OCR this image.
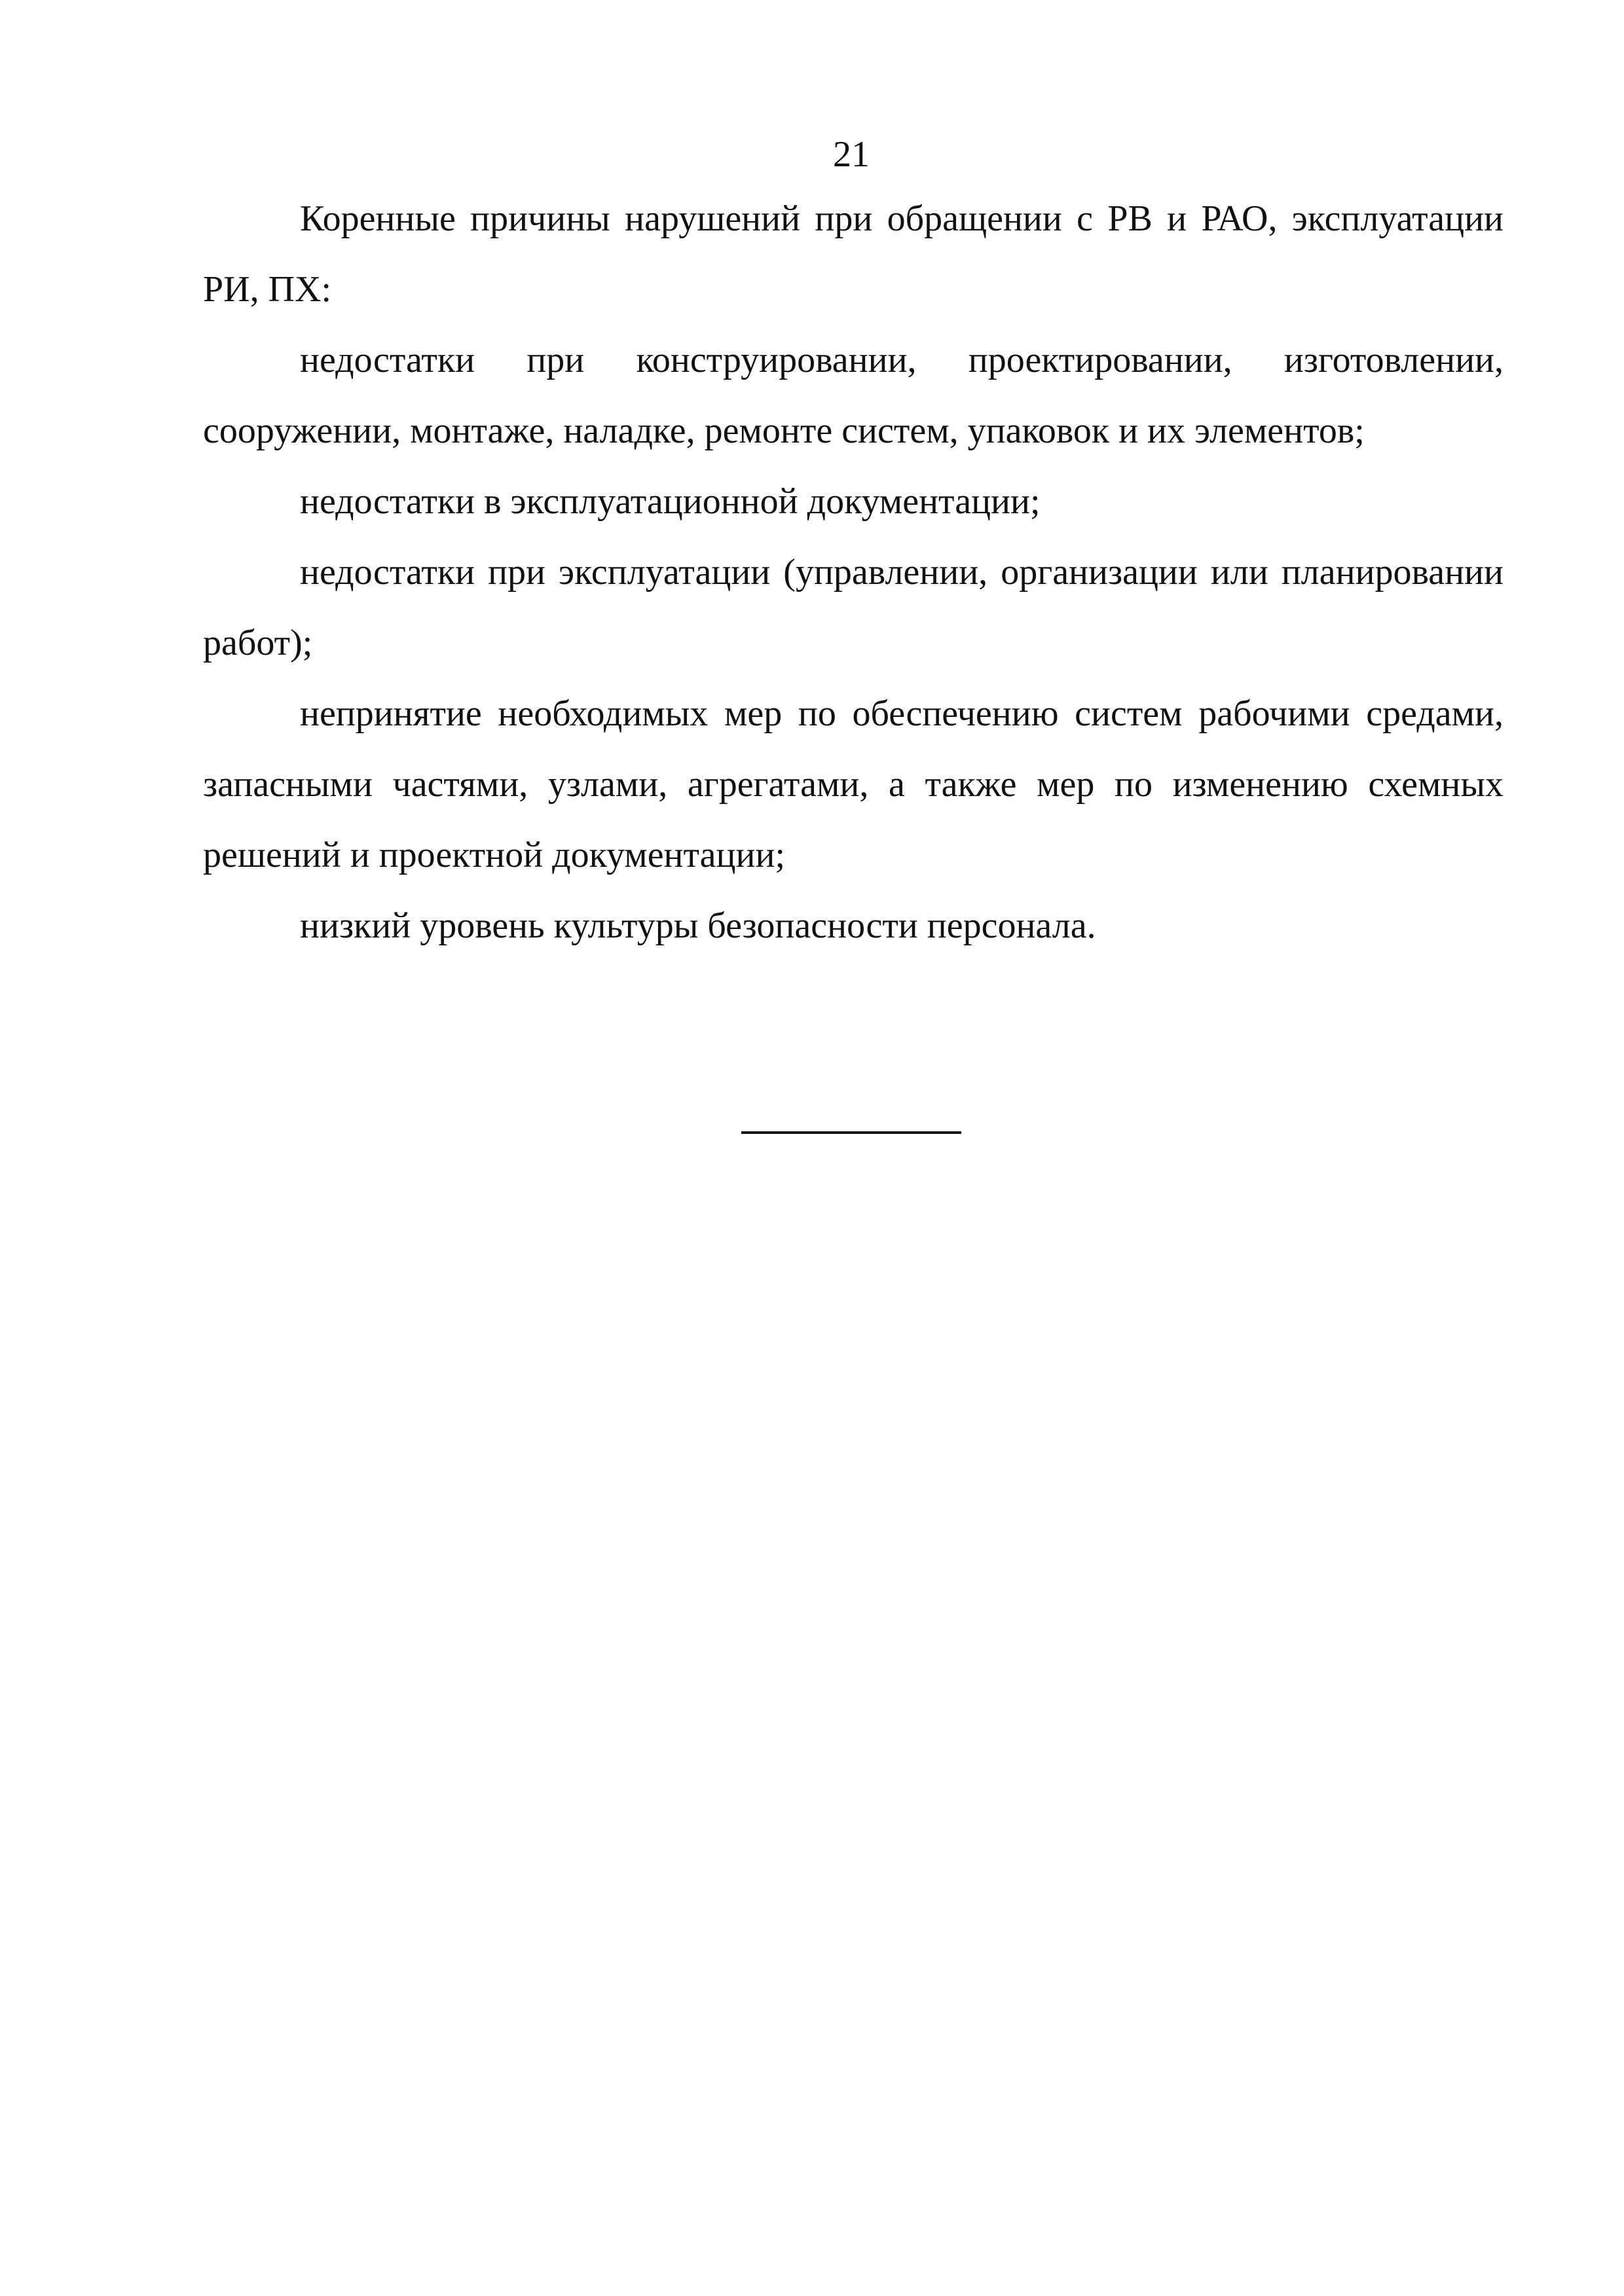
21

Коренные причины нарушений при обращении с РВ и РАО, эксплуатации РИ, ПХ:

недостатки при конструировании, проектировании, изготовлении, сооружении, монтаже, наладке, ремонте систем, упаковок и их элементов;

недостатки в эксплуатационной документации;

недостатки при эксплуатации (управлении, организации или планировании работ);

непринятие необходимых мер по обеспечению систем рабочими средами, запасными частями, узлами, агрегатами, а также мер по изменению схемных решений и проектной документации;

низкий уровень культуры безопасности персонала.
